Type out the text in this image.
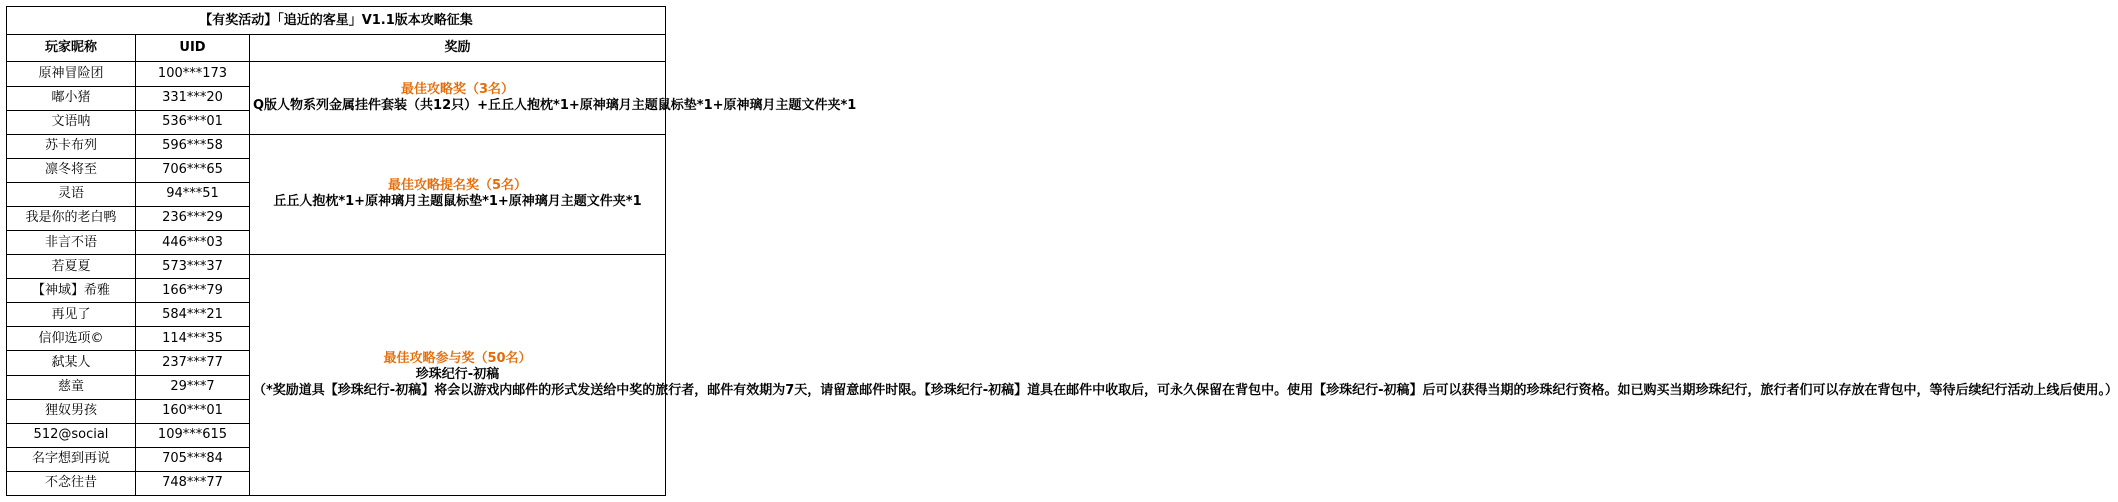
【有奖活动】「追近的客星」V1.1版本攻略征集		
玩家昵称	UID	奖励
原神冒险团	100***173	最佳攻略奖（3名）
Q版人物系列金属挂件套装（共12只）+丘丘人抱枕*1+原神璃月主题鼠标垫*1+原神璃月主题文件夹*1

嘟小猪	331***20	
文语呐	536***01	
苏卡布列	596***58	最佳攻略提名奖（5名）
丘丘人抱枕*1+原神璃月主题鼠标垫*1+原神璃月主题文件夹*1

凛冬将至	706***65	
灵语	94***51	
我是你的老白鸭	236***29	
非言不语	446***03	
若夏夏	573***37	最佳攻略参与奖（50名）
珍珠纪行-初稿
（*奖励道具【珍珠纪行-初稿】将会以游戏内邮件的形式发送给中奖的旅行者，邮件有效期为7天，请留意邮件时限。【珍珠纪行-初稿】道具在邮件中收取后，可永久保留在背包中。使用【珍珠纪行-初稿】后可以获得当期的珍珠纪行资格。如已购买当期珍珠纪行，旅行者们可以存放在背包中，等待后续纪行活动上线后使用。）

【神域】希雅	166***79	
再见了	584***21	
信仰选项©	114***35	
弑某人	237***77	
慈童	29***7	
狸奴男孩	160***01	
512@social	109***615	
名字想到再说	705***84	
不念往昔	748***77	
